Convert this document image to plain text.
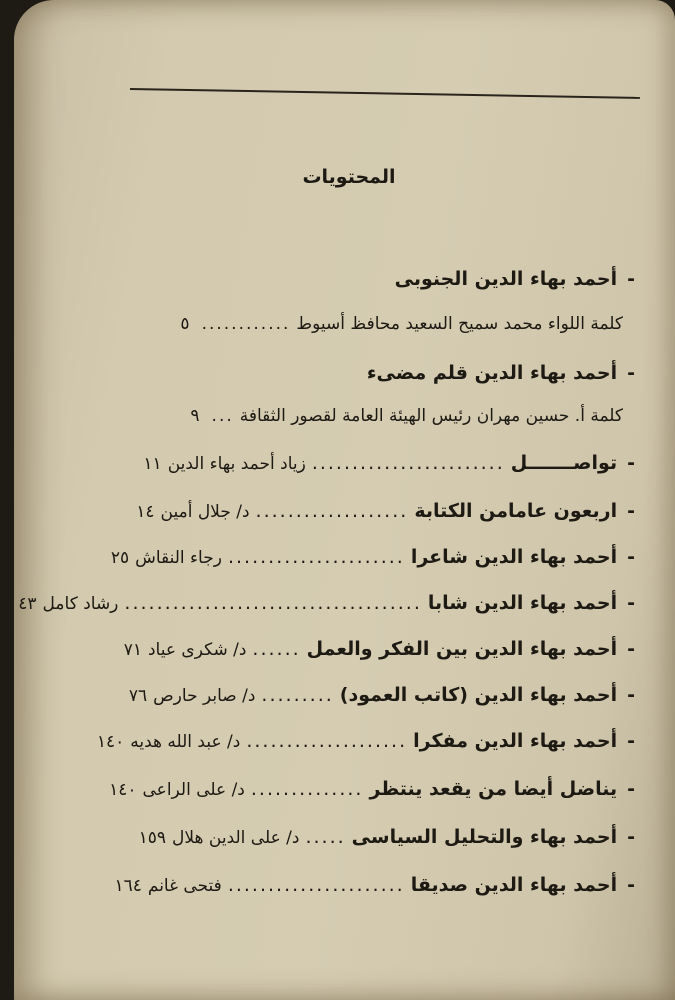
المحتويات
-أحمد بهاء الدين الجنوبى
كلمة اللواء محمد سميح السعيد محافظ أسيوط............٥
-أحمد بهاء الدين قلم مضىء
كلمة أ. حسين مهران رئيس الهيئة العامة لقصور الثقافة...٩
-تواصـــــــل........................زياد أحمد بهاء الدين١١
-اربعون عامامن الكتابة...................د/ جلال أمين١٤
-أحمد بهاء الدين شاعرا......................رجاء النقاش٢٥
-أحمد بهاء الدين شابا.....................................رشاد كامل٤٣
-أحمد بهاء الدين بين الفكر والعمل......د/ شكرى عياد٧١
-أحمد بهاء الدين (كاتب العمود).........د/ صابر حارص٧٦
-أحمد بهاء الدين مفكرا....................د/ عبد الله هديه١٤٠
-يناضل أيضا من يقعد ينتظر..............د/ على الراعى١٤٠
-أحمد بهاء والتحليل السياسى.....د/ على الدين هلال١٥٩
-أحمد بهاء الدين صديقا......................فتحى غانم١٦٤
